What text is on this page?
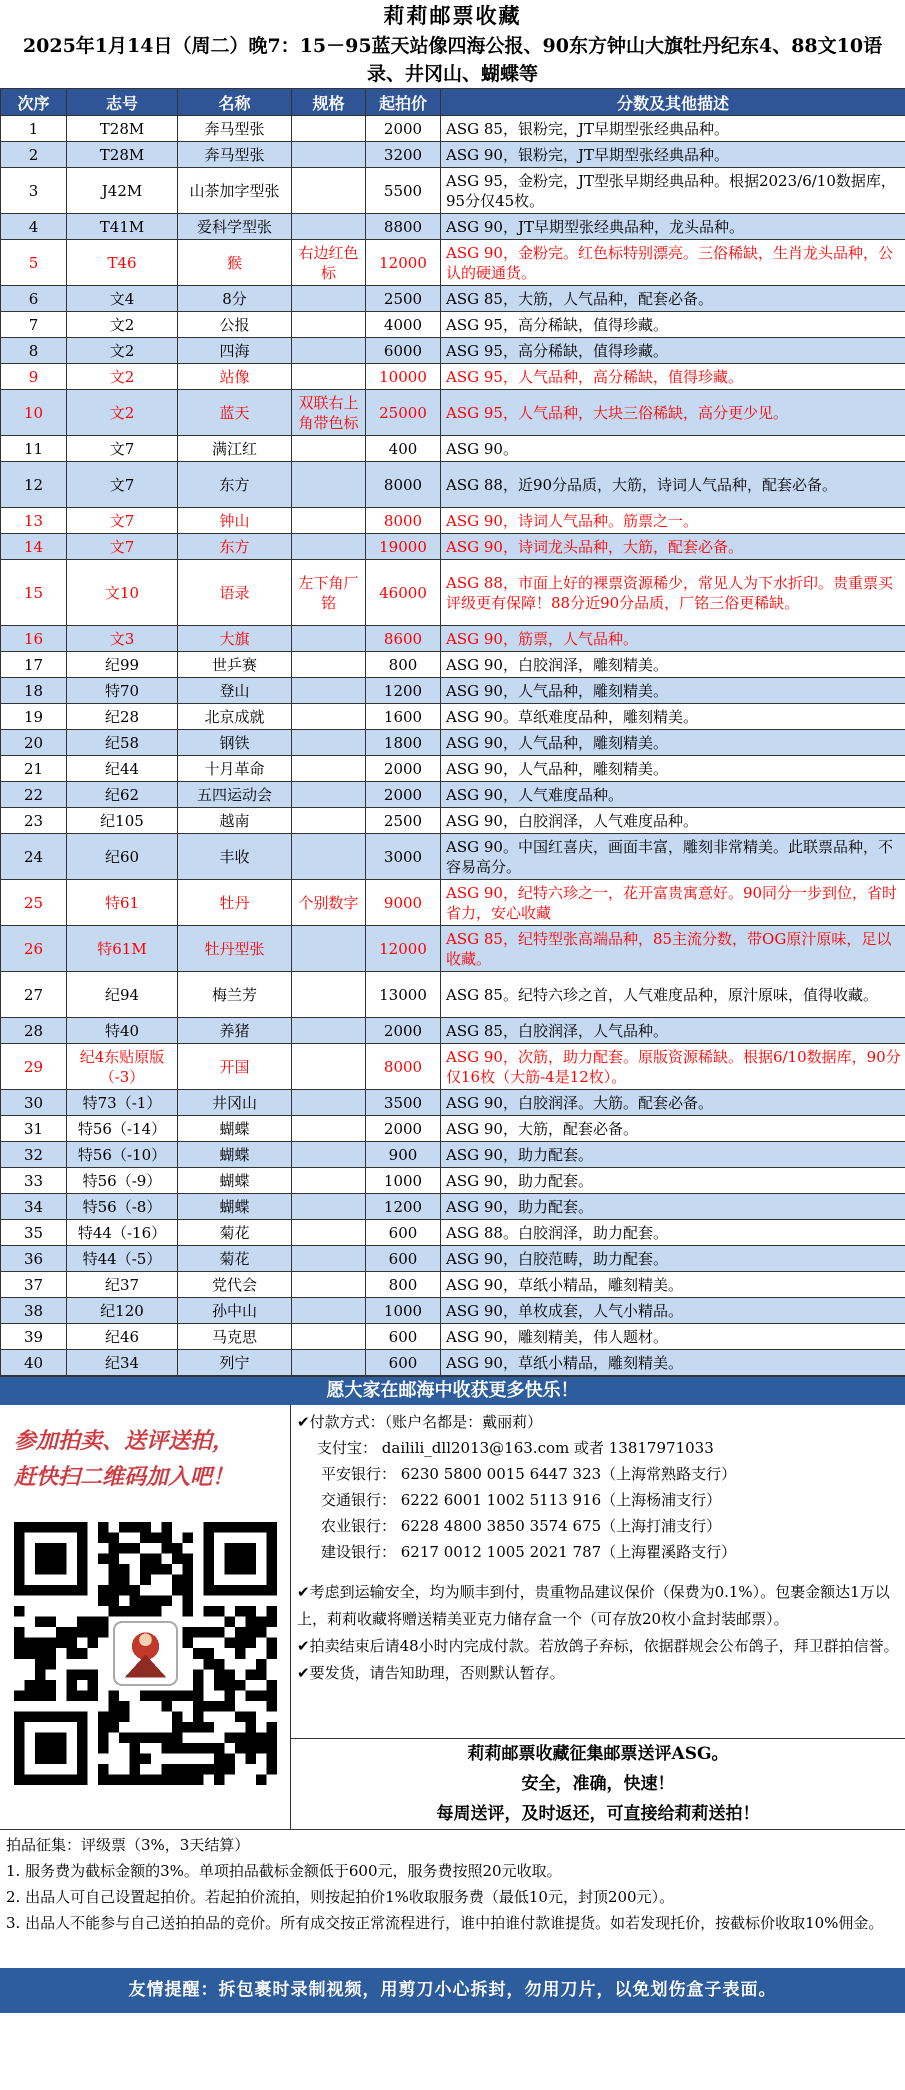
莉莉邮票收藏
2025年1月14日（周二）晚7：15－95蓝天站像四海公报、90东方钟山大旗牡丹纪东4、88文10语录、井冈山、蝴蝶等
次序	志号	名称	规格	起拍价	分数及其他描述
1	T28M	奔马型张		2000	ASG 85，银粉完，JT早期型张经典品种。
2	T28M	奔马型张		3200	ASG 90，银粉完，JT早期型张经典品种。
3	J42M	山茶加字型张		5500	ASG 95，金粉完，JT型张早期经典品种。根据2023/6/10数据库，95分仅45枚。
4	T41M	爱科学型张		8800	ASG 90，JT早期型张经典品种，龙头品种。
5	T46	猴	右边红色标	12000	ASG 90，金粉完。红色标特别漂亮。三俗稀缺，生肖龙头品种，公认的硬通货。
6	文4	8分		2500	ASG 85，大筋，人气品种，配套必备。
7	文2	公报		4000	ASG 95，高分稀缺，值得珍藏。
8	文2	四海		6000	ASG 95，高分稀缺，值得珍藏。
9	文2	站像		10000	ASG 95，人气品种，高分稀缺，值得珍藏。
10	文2	蓝天	双联右上角带色标	25000	ASG 95，人气品种，大块三俗稀缺，高分更少见。
11	文7	满江红		400	ASG 90。
12	文7	东方		8000	ASG 88，近90分品质，大筋，诗词人气品种，配套必备。
13	文7	钟山		8000	ASG 90，诗词人气品种。筋票之一。
14	文7	东方		19000	ASG 90，诗词龙头品种，大筋，配套必备。
15	文10	语录	左下角厂铭	46000	ASG 88，市面上好的裸票资源稀少，常见人为下水折印。贵重票买评级更有保障！88分近90分品质，厂铭三俗更稀缺。
16	文3	大旗		8600	ASG 90，筋票，人气品种。
17	纪99	世乒赛		800	ASG 90，白胶润泽，雕刻精美。
18	特70	登山		1200	ASG 90，人气品种，雕刻精美。
19	纪28	北京成就		1600	ASG 90。草纸难度品种，雕刻精美。
20	纪58	钢铁		1800	ASG 90，人气品种，雕刻精美。
21	纪44	十月革命		2000	ASG 90，人气品种，雕刻精美。
22	纪62	五四运动会		2000	ASG 90，人气难度品种。
23	纪105	越南		2500	ASG 90，白胶润泽，人气难度品种。
24	纪60	丰收		3000	ASG 90。中国红喜庆，画面丰富，雕刻非常精美。此联票品种，不容易高分。
25	特61	牡丹	个别数字	9000	ASG 90，纪特六珍之一，花开富贵寓意好。90同分一步到位，省时省力，安心收藏
26	特61M	牡丹型张		12000	ASG 85，纪特型张高端品种，85主流分数，带OG原汁原味，足以收藏。
27	纪94	梅兰芳		13000	ASG 85。纪特六珍之首，人气难度品种，原汁原味，值得收藏。
28	特40	养猪		2000	ASG 85，白胶润泽，人气品种。
29	纪4东贴原版（-3）	开国		8000	ASG 90，次筋，助力配套。原版资源稀缺。根据6/10数据库，90分仅16枚（大筋-4是12枚）。
30	特73（-1）	井冈山		3500	ASG 90，白胶润泽。大筋。配套必备。
31	特56（-14）	蝴蝶		2000	ASG 90，大筋，配套必备。
32	特56（-10）	蝴蝶		900	ASG 90，助力配套。
33	特56（-9）	蝴蝶		1000	ASG 90，助力配套。
34	特56（-8）	蝴蝶		1200	ASG 90，助力配套。
35	特44（-16）	菊花		600	ASG 88。白胶润泽，助力配套。
36	特44（-5）	菊花		600	ASG 90，白胶范畴，助力配套。
37	纪37	党代会		800	ASG 90，草纸小精品，雕刻精美。
38	纪120	孙中山		1000	ASG 90，单枚成套，人气小精品。
39	纪46	马克思		600	ASG 90，雕刻精美，伟人题材。
40	纪34	列宁		600	ASG 90，草纸小精品，雕刻精美。
愿大家在邮海中收获更多快乐！
参加拍卖、送评送拍，
赶快扫二维码加入吧！
✔付款方式：（账户名都是：戴丽莉）
支付宝： dailili_dll2013@163.com 或者 13817971033
平安银行： 6230 5800 0015 6447 323（上海常熟路支行）
交通银行： 6222 6001 1002 5113 916（上海杨浦支行）
农业银行： 6228 4800 3850 3574 675（上海打浦支行）
建设银行： 6217 0012 1005 2021 787（上海瞿溪路支行）

✔考虑到运输安全，均为顺丰到付，贵重物品建议保价（保费为0.1%）。包裹金额达1万以上，莉莉收藏将赠送精美亚克力储存盒一个（可存放20枚小盒封装邮票）。

✔拍卖结束后请48小时内完成付款。若放鸽子弃标，依据群规会公布鸽子，拜卫群拍信誉。

✔要发货，请告知助理，否则默认暂存。

莉莉邮票收藏征集邮票送评ASG。
安全，准确，快速！
每周送评，及时返还，可直接给莉莉送拍！

拍品征集：评级票（3%，3天结算）

1. 服务费为截标金额的3%。单项拍品截标金额低于600元，服务费按照20元收取。

2. 出品人可自己设置起拍价。若起拍价流拍，则按起拍价1%收取服务费（最低10元，封顶200元）。

3. 出品人不能参与自己送拍拍品的竞价。所有成交按正常流程进行，谁中拍谁付款谁提货。如若发现托价，按截标价收取10%佣金。

友情提醒：拆包裹时录制视频，用剪刀小心拆封，勿用刀片，以免划伤盒子表面。
